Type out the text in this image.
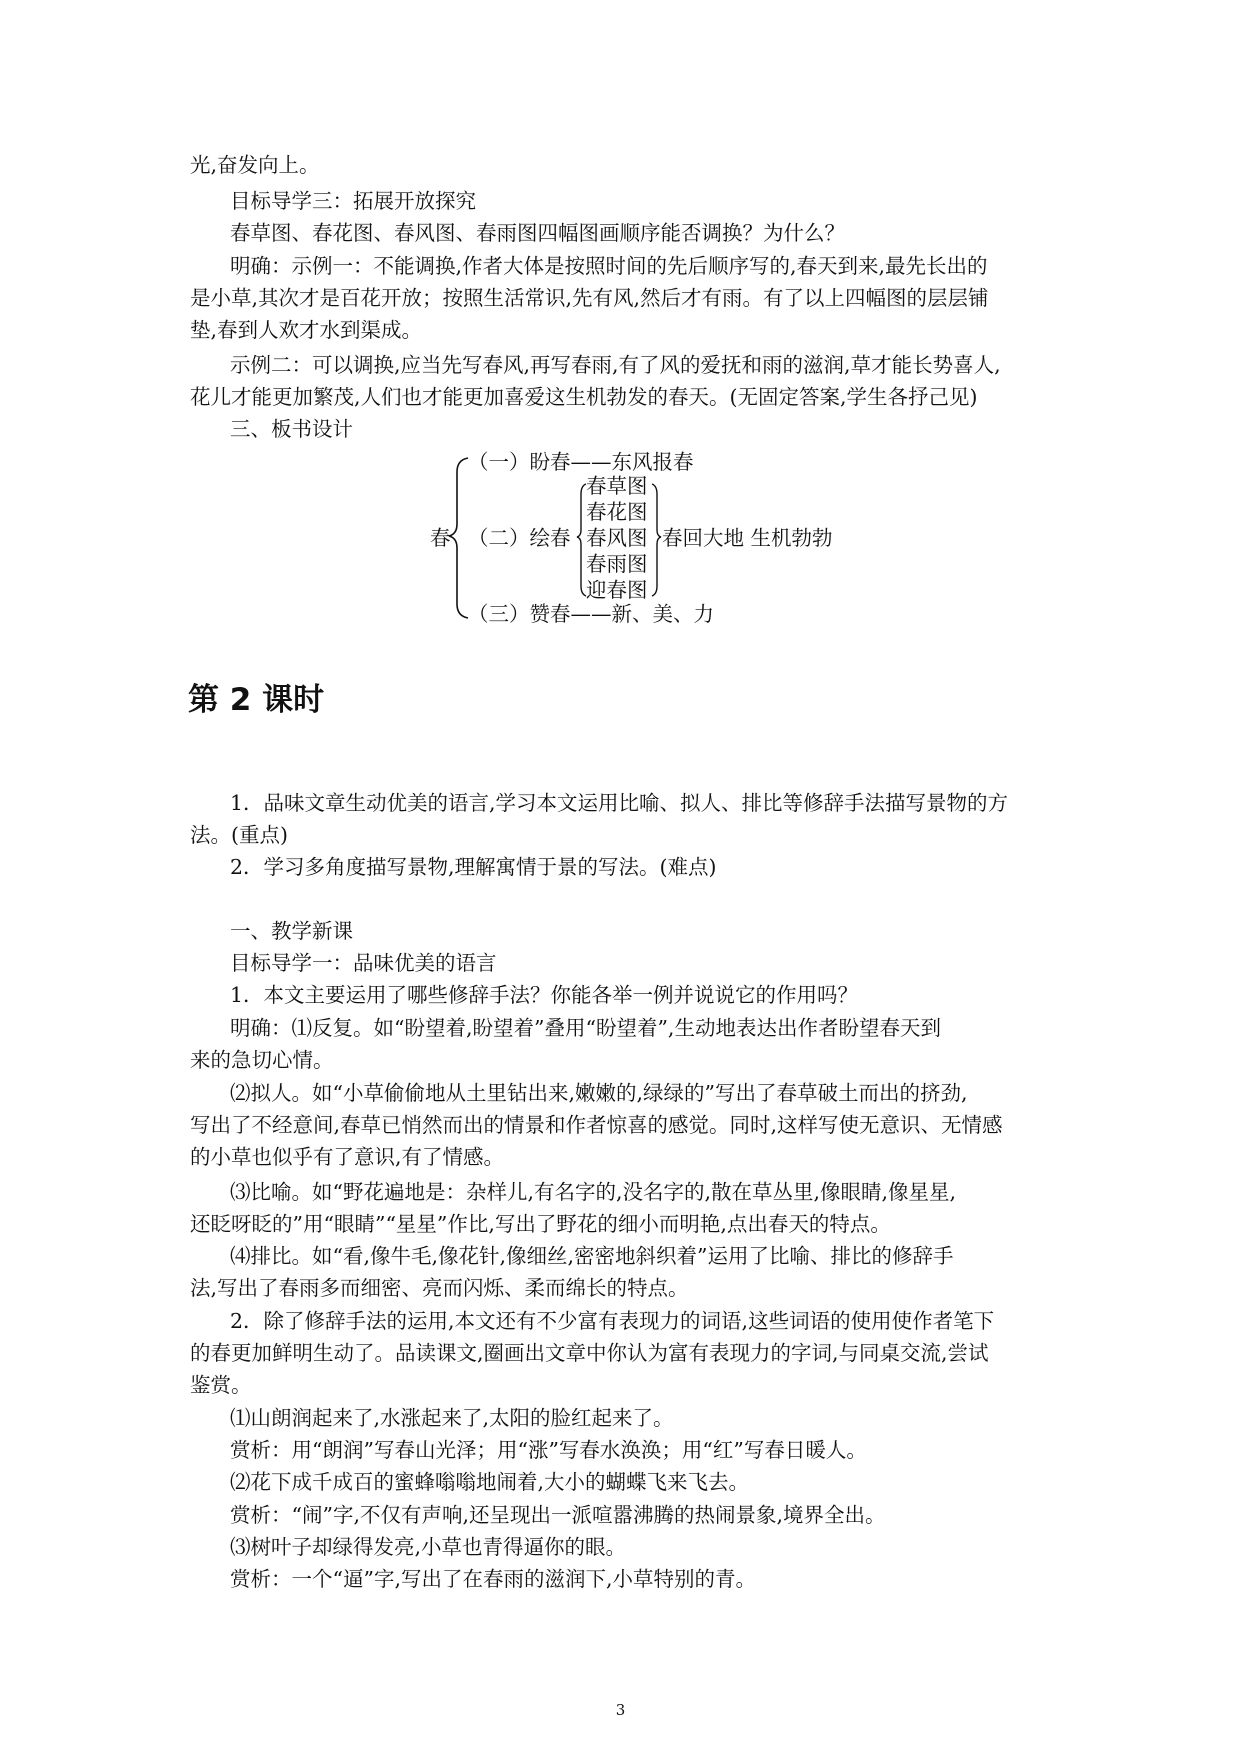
光,奋发向上。
目标导学三：拓展开放探究
春草图、春花图、春风图、春雨图四幅图画顺序能否调换？为什么？
明确：示例一：不能调换,作者大体是按照时间的先后顺序写的,春天到来,最先长出的
是小草,其次才是百花开放；按照生活常识,先有风,然后才有雨。有了以上四幅图的层层铺
垫,春到人欢才水到渠成。
示例二：可以调换,应当先写春风,再写春雨,有了风的爱抚和雨的滋润,草才能长势喜人,
花儿才能更加繁茂,人们也才能更加喜爱这生机勃发的春天。(无固定答案,学生各抒己见)
三、板书设计
春
（一）盼春——东风报春
（二）绘春
春草图
春花图
春风图
春雨图
迎春图
春回大地 生机勃勃
（三）赞春——新、美、力
第 2 课时
1．品味文章生动优美的语言,学习本文运用比喻、拟人、排比等修辞手法描写景物的方
法。(重点)
2．学习多角度描写景物,理解寓情于景的写法。(难点)
一、教学新课
目标导学一：品味优美的语言
1．本文主要运用了哪些修辞手法？你能各举一例并说说它的作用吗？
明确：⑴反复。如“盼望着,盼望着”叠用“盼望着”,生动地表达出作者盼望春天到
来的急切心情。
⑵拟人。如“小草偷偷地从土里钻出来,嫩嫩的,绿绿的”写出了春草破土而出的挤劲,
写出了不经意间,春草已悄然而出的情景和作者惊喜的感觉。同时,这样写使无意识、无情感
的小草也似乎有了意识,有了情感。
⑶比喻。如“野花遍地是：杂样儿,有名字的,没名字的,散在草丛里,像眼睛,像星星,
还眨呀眨的”用“眼睛”“星星”作比,写出了野花的细小而明艳,点出春天的特点。
⑷排比。如“看,像牛毛,像花针,像细丝,密密地斜织着”运用了比喻、排比的修辞手
法,写出了春雨多而细密、亮而闪烁、柔而绵长的特点。
2．除了修辞手法的运用,本文还有不少富有表现力的词语,这些词语的使用使作者笔下
的春更加鲜明生动了。品读课文,圈画出文章中你认为富有表现力的字词,与同桌交流,尝试
鉴赏。
⑴山朗润起来了,水涨起来了,太阳的脸红起来了。
赏析：用“朗润”写春山光泽；用“涨”写春水涣涣；用“红”写春日暖人。
⑵花下成千成百的蜜蜂嗡嗡地闹着,大小的蝴蝶飞来飞去。
赏析：“闹”字,不仅有声响,还呈现出一派喧嚣沸腾的热闹景象,境界全出。
⑶树叶子却绿得发亮,小草也青得逼你的眼。
赏析：一个“逼”字,写出了在春雨的滋润下,小草特别的青。
3
